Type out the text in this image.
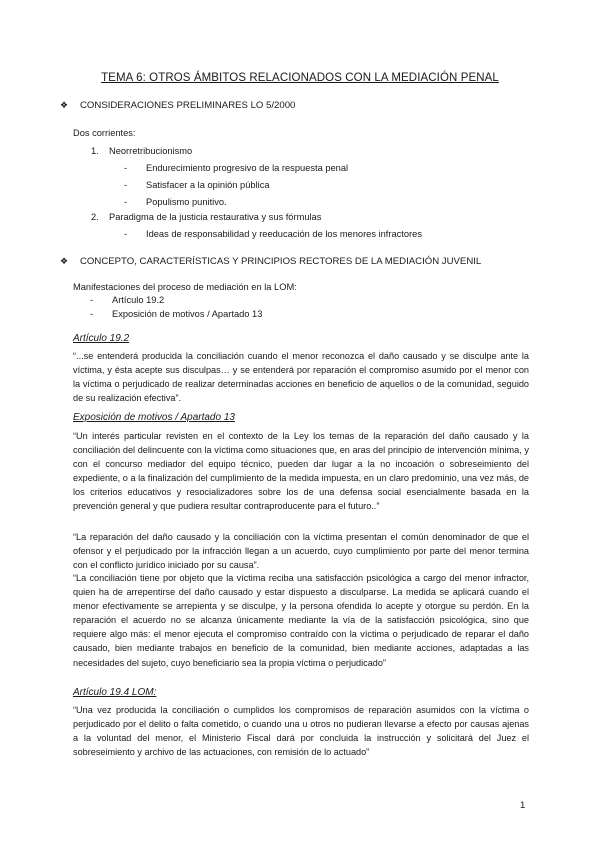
TEMA 6: OTROS ÁMBITOS RELACIONADOS CON LA MEDIACIÓN PENAL
❖	CONSIDERACIONES PRELIMINARES LO 5/2000
Dos corrientes:
1. Neorretribucionismo
- Endurecimiento progresivo de la respuesta penal
- Satisfacer a la opinión pública
- Populismo punitivo.
2. Paradigma de la justicia restaurativa y sus fórmulas
- Ideas de responsabilidad y reeducación de los menores infractores
❖	CONCEPTO, CARACTERÍSTICAS Y PRINCIPIOS RECTORES DE LA MEDIACIÓN JUVENIL
Manifestaciones del proceso de mediación en la LOM:
- Artículo 19.2
- Exposición de motivos / Apartado 13
Artículo 19.2
“...se entenderá producida la conciliación cuando el menor reconozca el daño causado y se disculpe ante la víctima, y ésta acepte sus disculpas… y se entenderá por reparación el compromiso asumido por el menor con la víctima o perjudicado de realizar determinadas acciones en beneficio de aquellos o de la comunidad, seguido de su realización efectiva”.
Exposición de motivos / Apartado 13
“Un interés particular revisten en el contexto de la Ley los temas de la reparación del daño causado y la conciliación del delincuente con la víctima como situaciones que, en aras del principio de intervención mínima, y con el concurso mediador del equipo técnico, pueden dar lugar a la no incoación o sobreseimiento del expediente, o a la finalización del cumplimiento de la medida impuesta, en un claro predominio, una vez más, de los criterios educativos y resocializadores sobre los de una defensa social esencialmente basada en la prevención general y que pudiera resultar contraproducente para el futuro..”
“La reparación del daño causado y la conciliación con la víctima presentan el común denominador de que el ofensor y el perjudicado por la infracción llegan a un acuerdo, cuyo cumplimiento por parte del menor termina con el conflicto jurídico iniciado por su causa”.
“La conciliación tiene por objeto que la víctima reciba una satisfacción psicológica a cargo del menor infractor, quien ha de arrepentirse del daño causado y estar dispuesto a disculparse. La medida se aplicará cuando el menor efectivamente se arrepienta y se disculpe, y la persona ofendida lo acepte y otorgue su perdón. En la reparación el acuerdo no se alcanza únicamente mediante la vía de la satisfacción psicológica, sino que requiere algo más: el menor ejecuta el compromiso contraído con la víctima o perjudicado de reparar el daño causado, bien mediante trabajos en beneficio de la comunidad, bien mediante acciones, adaptadas a las necesidades del sujeto, cuyo beneficiario sea la propia víctima o perjudicado”
Artículo 19.4 LOM:
“Una vez producida la conciliación o cumplidos los compromisos de reparación asumidos con la víctima o perjudicado por el delito o falta cometido, o cuando una u otros no pudieran llevarse a efecto por causas ajenas a la voluntad del menor, el Ministerio Fiscal dará por concluida la instrucción y solicitará del Juez el sobreseimiento y archivo de las actuaciones, con remisión de lo actuado”
1
